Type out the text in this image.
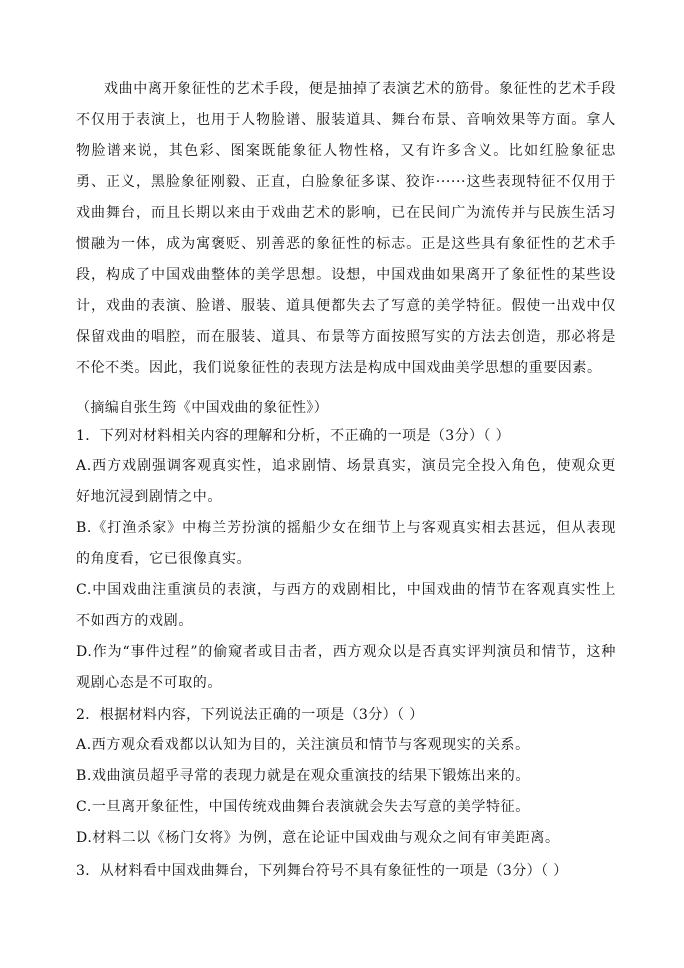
戏曲中离开象征性的艺术手段，便是抽掉了表演艺术的筋骨。象征性的艺术手段不仅用于表演上，也用于人物脸谱、服装道具、舞台布景、音响效果等方面。拿人物脸谱来说，其色彩、图案既能象征人物性格，又有许多含义。比如红脸象征忠勇、正义，黑脸象征刚毅、正直，白脸象征多谋、狡诈······这些表现特征不仅用于戏曲舞台，而且长期以来由于戏曲艺术的影响，已在民间广为流传并与民族生活习惯融为一体，成为寓褒贬、别善恶的象征性的标志。正是这些具有象征性的艺术手段，构成了中国戏曲整体的美学思想。设想，中国戏曲如果离开了象征性的某些设计，戏曲的表演、脸谱、服装、道具便都失去了写意的美学特征。假使一出戏中仅保留戏曲的唱腔，而在服装、道具、布景等方面按照写实的方法去创造，那必将是不伦不类。因此，我们说象征性的表现方法是构成中国戏曲美学思想的重要因素。
（摘编自张生筠《中国戏曲的象征性》）
1．下列对材料相关内容的理解和分析，不正确的一项是（3分）（ ）
A.西方戏剧强调客观真实性，追求剧情、场景真实，演员完全投入角色，使观众更好地沉浸到剧情之中。
B.《打渔杀家》中梅兰芳扮演的摇船少女在细节上与客观真实相去甚远，但从表现的角度看，它已很像真实。
C.中国戏曲注重演员的表演，与西方的戏剧相比，中国戏曲的情节在客观真实性上不如西方的戏剧。
D.作为“事件过程”的偷窥者或目击者，西方观众以是否真实评判演员和情节，这种观剧心态是不可取的。
2．根据材料内容，下列说法正确的一项是（3分）（ ）
A.西方观众看戏都以认知为目的，关注演员和情节与客观现实的关系。
B.戏曲演员超乎寻常的表现力就是在观众重演技的结果下锻炼出来的。
C.一旦离开象征性，中国传统戏曲舞台表演就会失去写意的美学特征。
D.材料二以《杨门女将》为例，意在论证中国戏曲与观众之间有审美距离。
3．从材料看中国戏曲舞台，下列舞台符号不具有象征性的一项是（3分）（ ）
